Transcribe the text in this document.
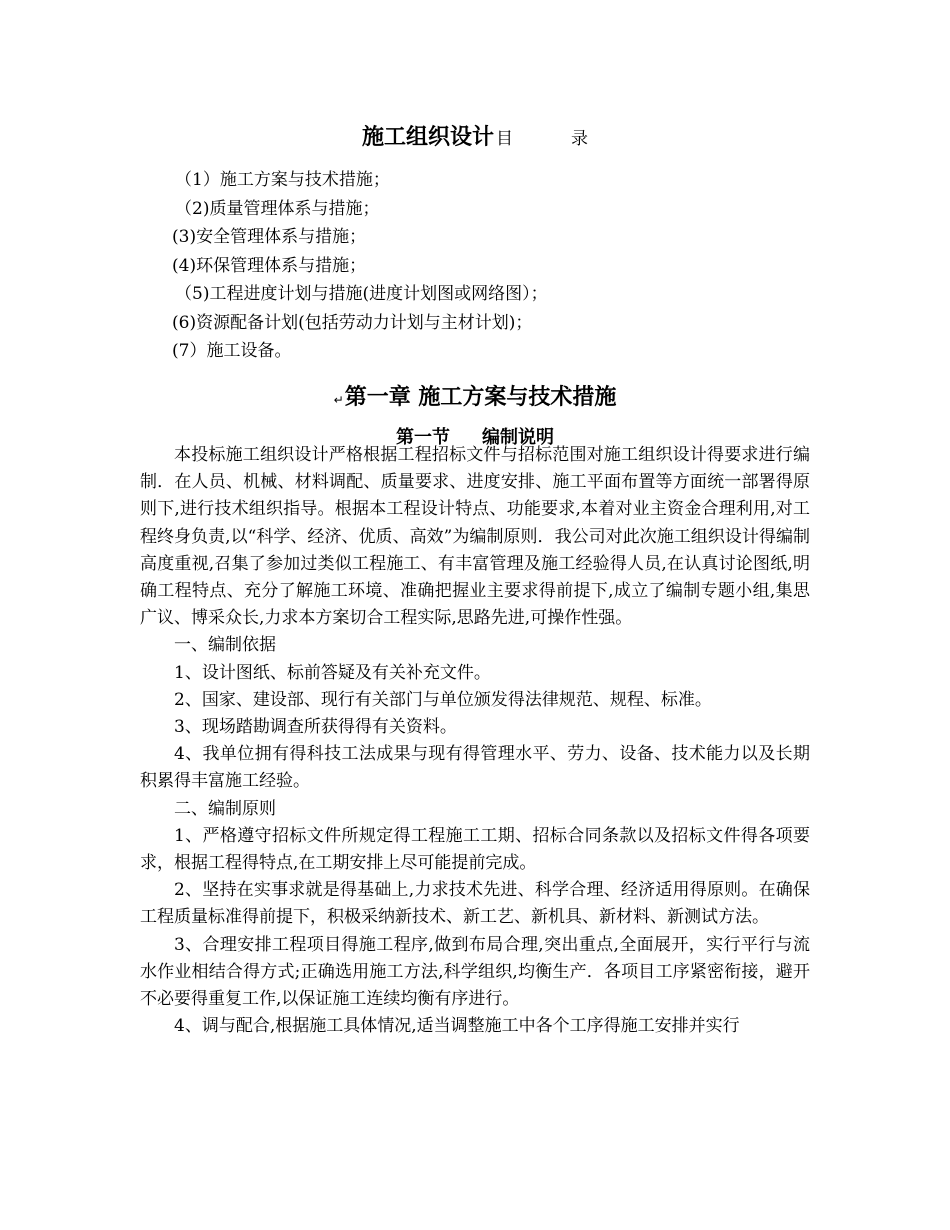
施工组织设计 目	录
（1）施工方案与技术措施；
（2)质量管理体系与措施；
(3)安全管理体系与措施；
(4)环保管理体系与措施；
（5)工程进度计划与措施(进度计划图或网络图）；
(6)资源配备计划(包括劳动力计划与主材计划)；
(7）施工设备。
↵第一章 施工方案与技术措施
第一节 编制说明

本投标施工组织设计严格根据工程招标文件与招标范围对施工组织设计得要求进行编制．在人员、机械、材料调配、质量要求、进度安排、施工平面布置等方面统一部署得原则下,进行技术组织指导。根据本工程设计特点、功能要求,本着对业主资金合理利用,对工程终身负责,以“科学、经济、优质、高效”为编制原则．我公司对此次施工组织设计得编制高度重视,召集了参加过类似工程施工、有丰富管理及施工经验得人员,在认真讨论图纸,明确工程特点、充分了解施工环境、准确把握业主要求得前提下,成立了编制专题小组,集思广议、博采众长,力求本方案切合工程实际,思路先进,可操作性强。

一、编制依据

1、设计图纸、标前答疑及有关补充文件。

2、国家、建设部、现行有关部门与单位颁发得法律规范、规程、标准。

3、现场踏勘调查所获得得有关资料。

4、我单位拥有得科技工法成果与现有得管理水平、劳力、设备、技术能力以及长期积累得丰富施工经验。

二、编制原则

1、严格遵守招标文件所规定得工程施工工期、招标合同条款以及招标文件得各项要求，根据工程得特点,在工期安排上尽可能提前完成。

2、坚持在实事求就是得基础上,力求技术先进、科学合理、经济适用得原则。在确保工程质量标准得前提下，积极采纳新技术、新工艺、新机具、新材料、新测试方法。

3、合理安排工程项目得施工程序,做到布局合理,突出重点,全面展开，实行平行与流水作业相结合得方式;正确选用施工方法,科学组织,均衡生产．各项目工序紧密衔接，避开不必要得重复工作,以保证施工连续均衡有序进行。

4、调与配合,根据施工具体情况,适当调整施工中各个工序得施工安排并实行
